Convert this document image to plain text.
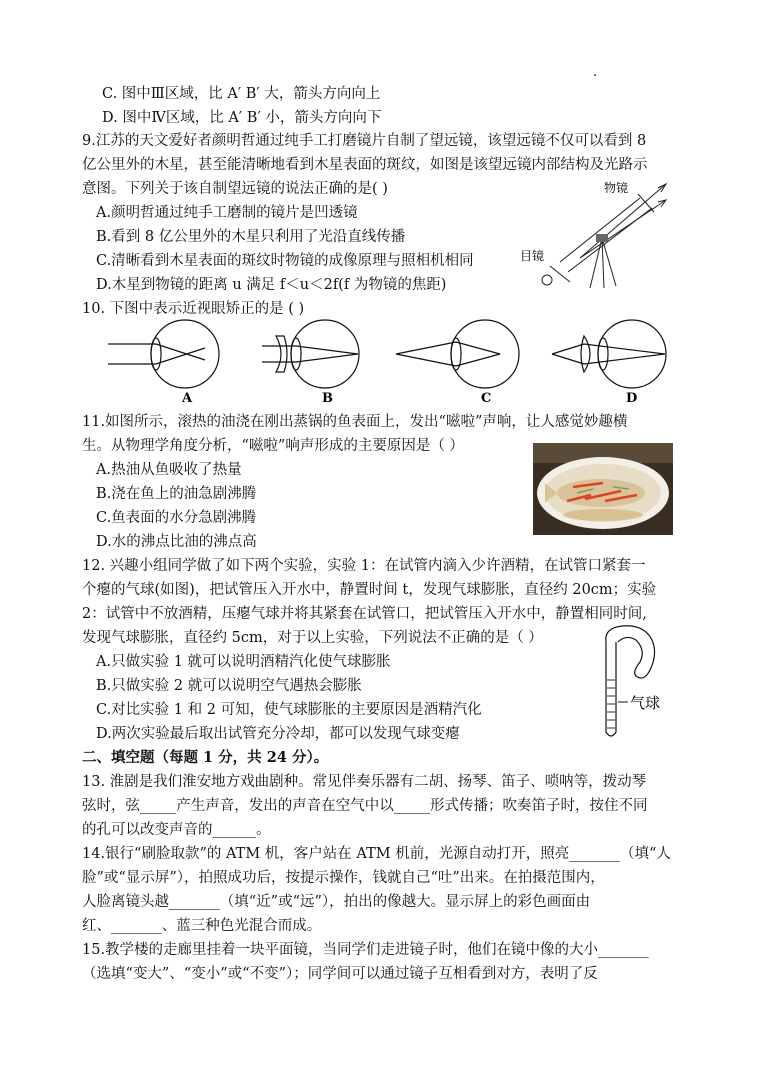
C. 图中Ⅲ区域，比 A′ B′ 大，箭头方向向上
D. 图中Ⅳ区域，比 A′ B′ 小，箭头方向向下
9.江苏的天文爱好者颜明哲通过纯手工打磨镜片自制了望远镜，该望远镜不仅可以看到 8
亿公里外的木星，甚至能清晰地看到木星表面的斑纹，如图是该望远镜内部结构及光路示
意图。下列关于该自制望远镜的说法正确的是( )
A.颜明哲通过纯手工磨制的镜片是凹透镜
B.看到 8 亿公里外的木星只利用了光沿直线传播
C.清晰看到木星表面的斑纹时物镜的成像原理与照相机相同
D.木星到物镜的距离 u 满足 f＜u＜2f(f 为物镜的焦距)
物镜
目镜
10. 下图中表示近视眼矫正的是 ( )
A	B	C	D
11.如图所示，滚热的油浇在刚出蒸锅的鱼表面上，发出“嗞啦”声响，让人感觉妙趣横
生。从物理学角度分析，“嗞啦”响声形成的主要原因是（ ）
A.热油从鱼吸收了热量
B.浇在鱼上的油急剧沸腾
C.鱼表面的水分急剧沸腾
D.水的沸点比油的沸点高
12. 兴趣小组同学做了如下两个实验，实验 1：在试管内滴入少许酒精，在试管口紧套一
个瘪的气球(如图)，把试管压入开水中，静置时间 t，发现气球膨胀，直径约 20cm；实验
2：试管中不放酒精，压瘪气球并将其紧套在试管口，把试管压入开水中，静置相同时间,
发现气球膨胀，直径约 5cm，对于以上实验，下列说法不正确的是（ ）
A.只做实验 1 就可以说明酒精汽化使气球膨胀
B.只做实验 2 就可以说明空气遇热会膨胀
C.对比实验 1 和 2 可知，使气球膨胀的主要原因是酒精汽化
D.两次实验最后取出试管充分冷却，都可以发现气球变瘪
气球
二、填空题（每题 1 分，共 24 分）。
13. 淮剧是我们淮安地方戏曲剧种。常见伴奏乐器有二胡、扬琴、笛子、唢呐等，拨动琴
弦时，弦_____产生声音，发出的声音在空气中以_____形式传播；吹奏笛子时，按住不同
的孔可以改变声音的______。
14.银行“刷脸取款”的 ATM 机，客户站在 ATM 机前，光源自动打开，照亮_______（填“人
脸”或“显示屏”），拍照成功后，按提示操作，钱就自己“吐”出来。在拍摄范围内，
人脸离镜头越_______（填“近”或“远”），拍出的像越大。显示屏上的彩色画面由
红、_______、蓝三种色光混合而成。
15.教学楼的走廊里挂着一块平面镜，当同学们走进镜子时，他们在镜中像的大小_______
（选填“变大”、“变小”或“不变”）；同学间可以通过镜子互相看到对方，表明了反
